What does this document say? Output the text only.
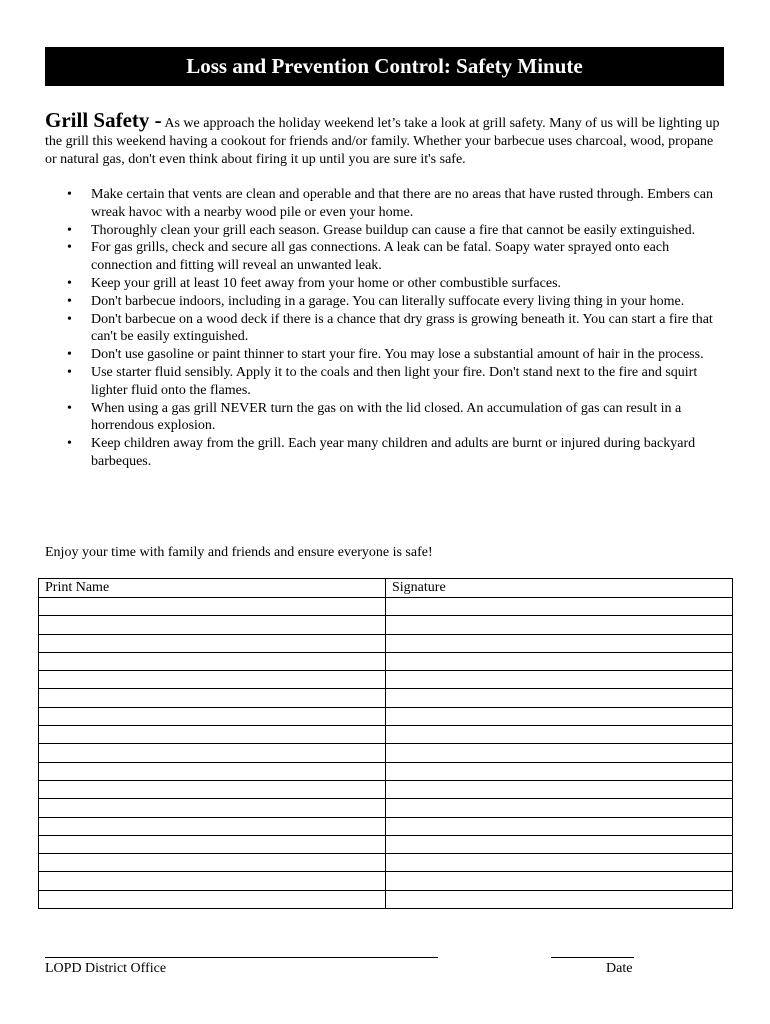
Loss and Prevention Control: Safety Minute
Grill Safety - As we approach the holiday weekend let’s take a look at grill safety. Many of us will be lighting up the grill this weekend having a cookout for friends and/or family. Whether your barbecue uses charcoal, wood, propane or natural gas, don't even think about firing it up until you are sure it's safe.
• Make certain that vents are clean and operable and that there are no areas that have rusted through. Embers can wreak havoc with a nearby wood pile or even your home.
• Thoroughly clean your grill each season. Grease buildup can cause a fire that cannot be easily extinguished.
• For gas grills, check and secure all gas connections. A leak can be fatal. Soapy water sprayed onto each connection and fitting will reveal an unwanted leak.
• Keep your grill at least 10 feet away from your home or other combustible surfaces.
• Don't barbecue indoors, including in a garage. You can literally suffocate every living thing in your home.
• Don't barbecue on a wood deck if there is a chance that dry grass is growing beneath it. You can start a fire that can't be easily extinguished.
• Don't use gasoline or paint thinner to start your fire. You may lose a substantial amount of hair in the process.
• Use starter fluid sensibly. Apply it to the coals and then light your fire. Don't stand next to the fire and squirt lighter fluid onto the flames.
• When using a gas grill NEVER turn the gas on with the lid closed. An accumulation of gas can result in a horrendous explosion.
• Keep children away from the grill. Each year many children and adults are burnt or injured during backyard barbeques.
Enjoy your time with family and friends and ensure everyone is safe!
Print Name	Signature

LOPD District Office	Date
